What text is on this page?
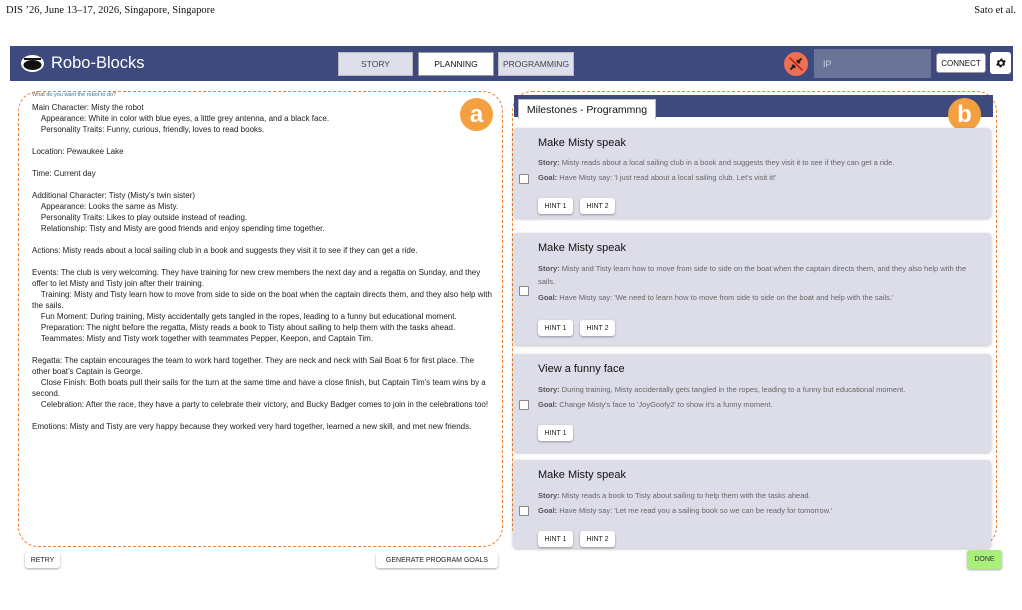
DIS ’26, June 13–17, 2026, Singapore, Singapore	Sato et al.
Robo-Blocks	STORY	PLANNING	PROGRAMMING
IP	CONNECT
What do you want the robot to do?
Main Character: Misty the robot
Appearance: White in color with blue eyes, a little grey antenna, and a black face.
Personality Traits: Funny, curious, friendly, loves to read books.

Location: Pewaukee Lake

Time: Current day

Additional Character: Tisty (Misty’s twin sister)
Appearance: Looks the same as Misty.
Personality Traits: Likes to play outside instead of reading.
Relationship: Tisty and Misty are good friends and enjoy spending time together.

Actions: Misty reads about a local sailing club in a book and suggests they visit it to see if they can get a ride.

Events: The club is very welcoming. They have training for new crew members the next day and a regatta on Sunday, and they offer to let Misty and Tisty join after their training.
Training: Misty and Tisty learn how to move from side to side on the boat when the captain directs them, and they also help with the sails.
Fun Moment: During training, Misty accidentally gets tangled in the ropes, leading to a funny but educational moment.
Preparation: The night before the regatta, Misty reads a book to Tisty about sailing to help them with the tasks ahead.
Teammates: Misty and Tisty work together with teammates Pepper, Keepon, and Captain Tim.

Regatta: The captain encourages the team to work hard together. They are neck and neck with Sail Boat 6 for first place. The other boat’s Captain is George.
Close Finish: Both boats pull their sails for the turn at the same time and have a close finish, but Captain Tim's team wins by a second.
Celebration: After the race, they have a party to celebrate their victory, and Bucky Badger comes to join in the celebrations too!

Emotions: Misty and Tisty are very happy because they worked very hard together, learned a new skill, and met new friends.
a
RETRY	GENERATE PROGRAM GOALS
Milestones - Programmng	b
Make Misty speak
Story: Misty reads about a local sailing club in a book and suggests they visit it to see if they can get a ride.
Goal: Have Misty say: 'I just read about a local sailing club. Let's visit it!'
HINT 1	HINT 2
Make Misty speak
Story: Misty and Tisty learn how to move from side to side on the boat when the captain directs them, and they also help with the sails.
Goal: Have Misty say: 'We need to learn how to move from side to side on the boat and help with the sails.'
HINT 1	HINT 2
View a funny face
Story: During training, Misty accidentally gets tangled in the ropes, leading to a funny but educational moment.
Goal: Change Misty's face to 'JoyGoofy2' to show it's a funny moment.
HINT 1
Make Misty speak
Story: Misty reads a book to Tisty about sailing to help them with the tasks ahead.
Goal: Have Misty say: 'Let me read you a sailing book so we can be ready for tomorrow.'
HINT 1	HINT 2
DONE
